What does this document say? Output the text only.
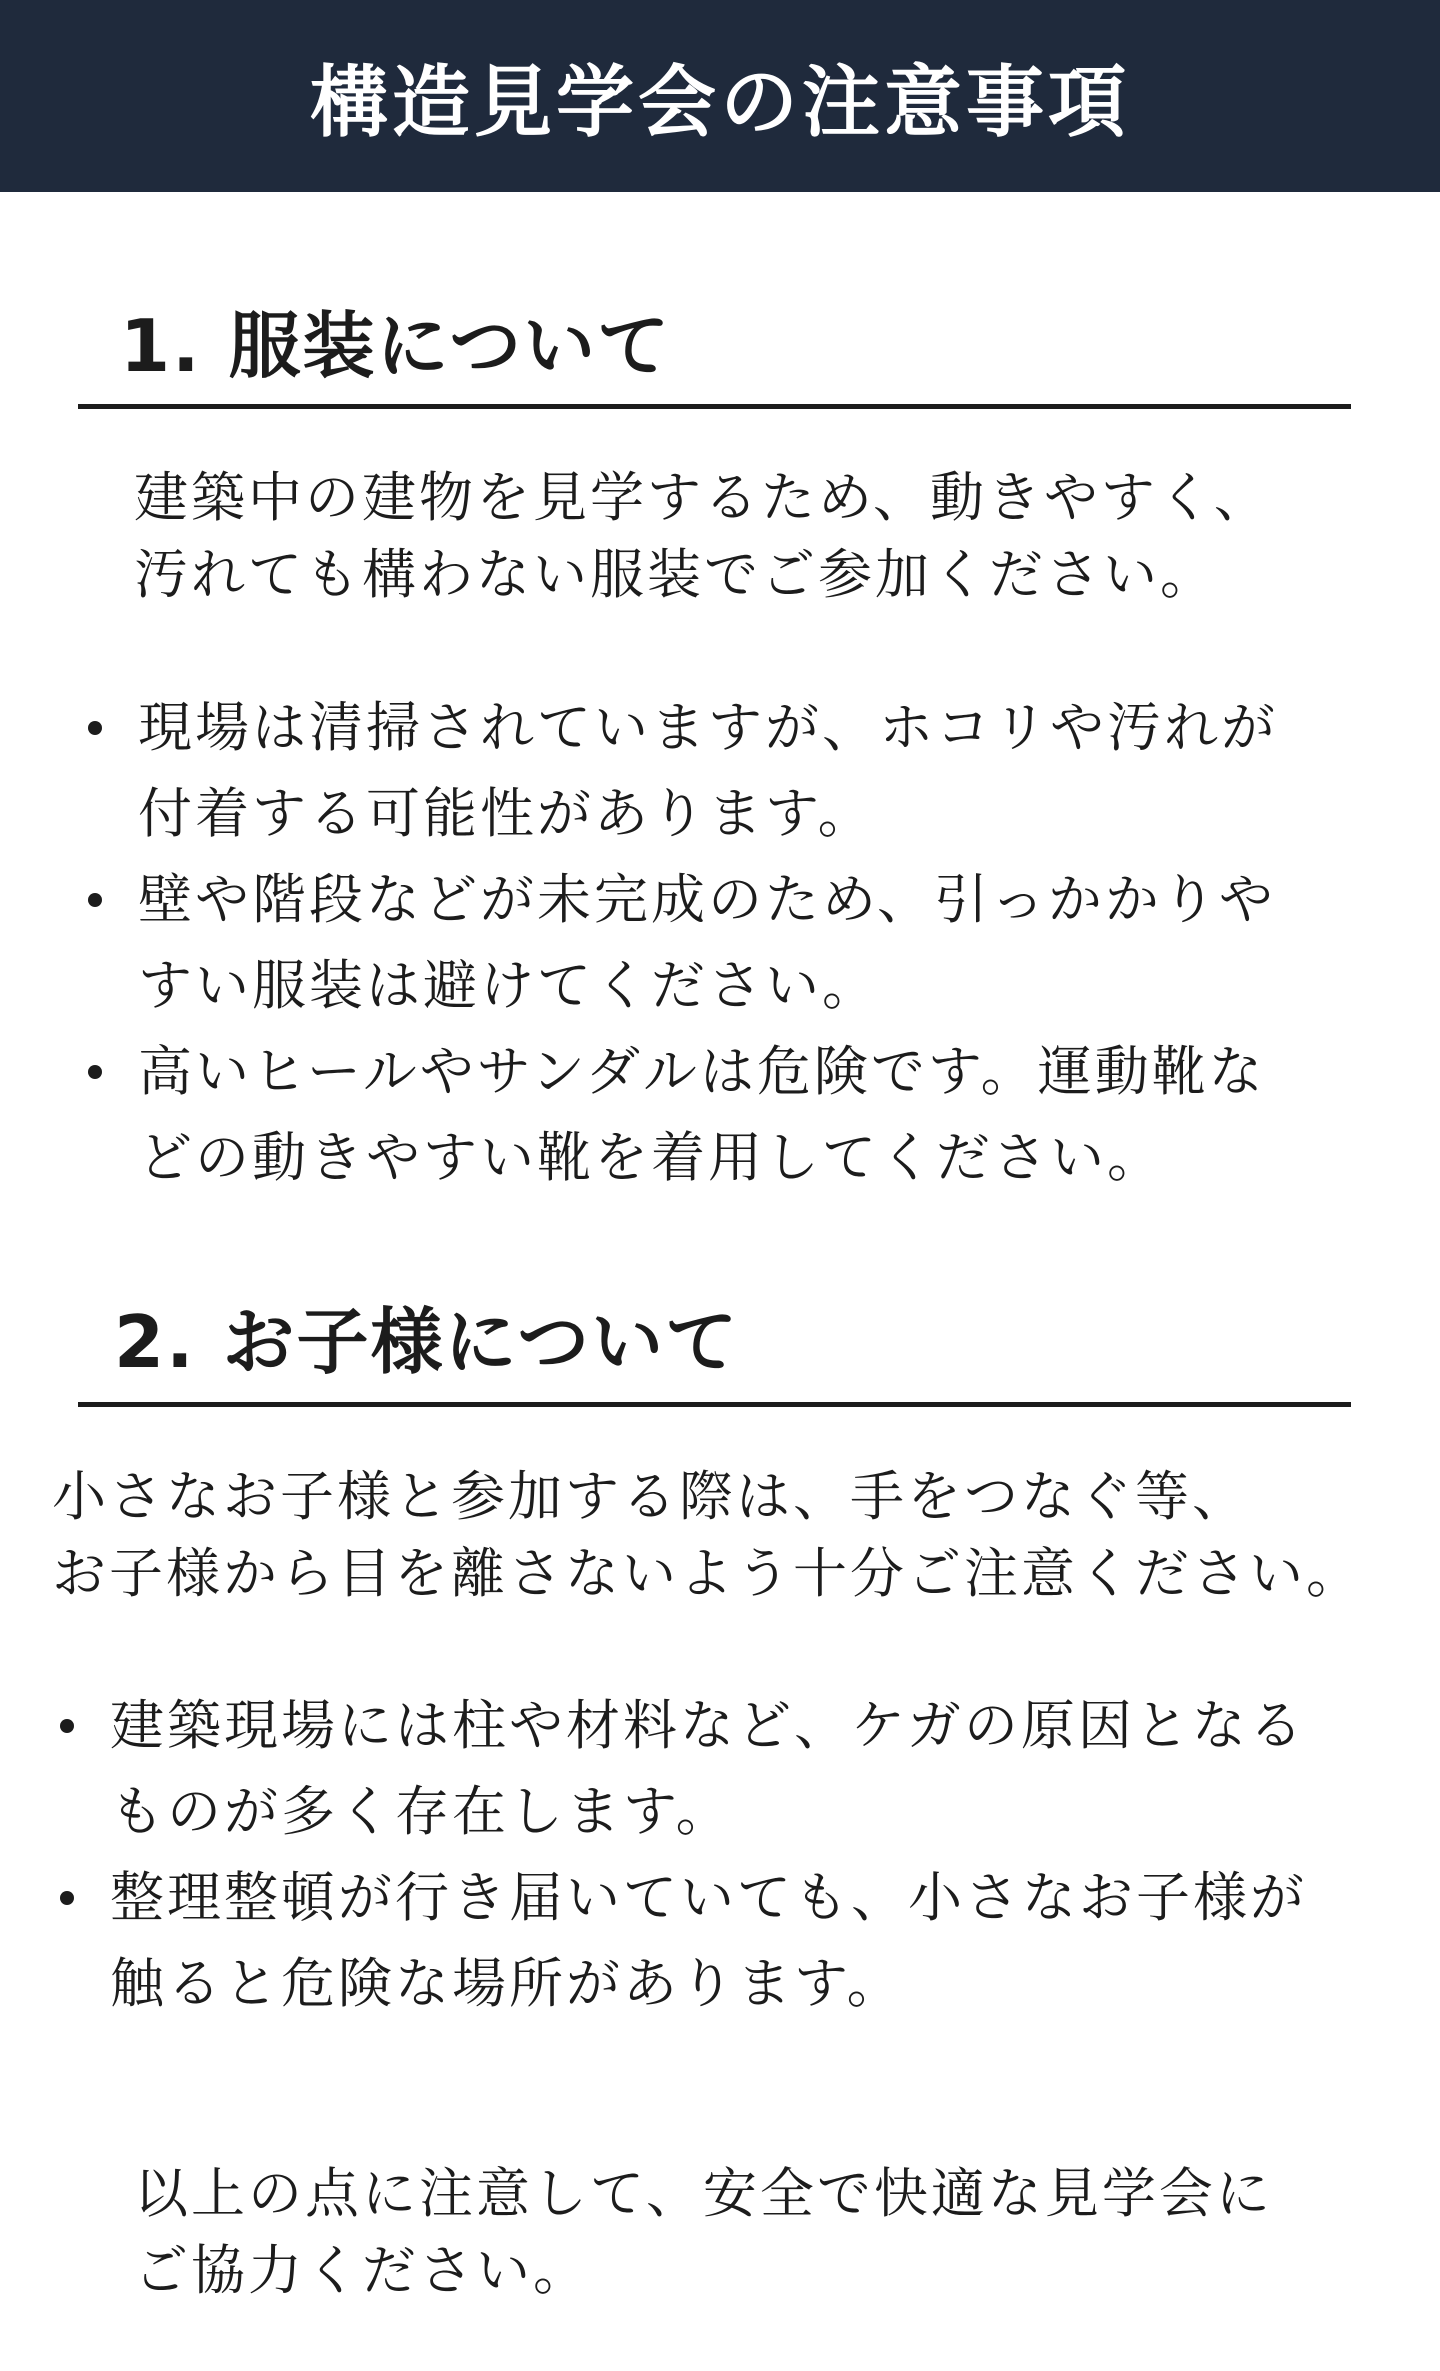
構造見学会の注意事項
1. 服装について
建築中の建物を見学するため、動きやすく、
汚れても構わない服装でご参加ください。
現場は清掃されていますが、ホコリや汚れが
付着する可能性があります。
壁や階段などが未完成のため、引っかかりや
すい服装は避けてください。
高いヒールやサンダルは危険です。運動靴な
どの動きやすい靴を着用してください。
2. お子様について
小さなお子様と参加する際は、手をつなぐ等、
お子様から目を離さないよう十分ご注意ください。
建築現場には柱や材料など、ケガの原因となる
ものが多く存在します。
整理整頓が行き届いていても、小さなお子様が
触ると危険な場所があります。
以上の点に注意して、安全で快適な見学会に
ご協力ください。
